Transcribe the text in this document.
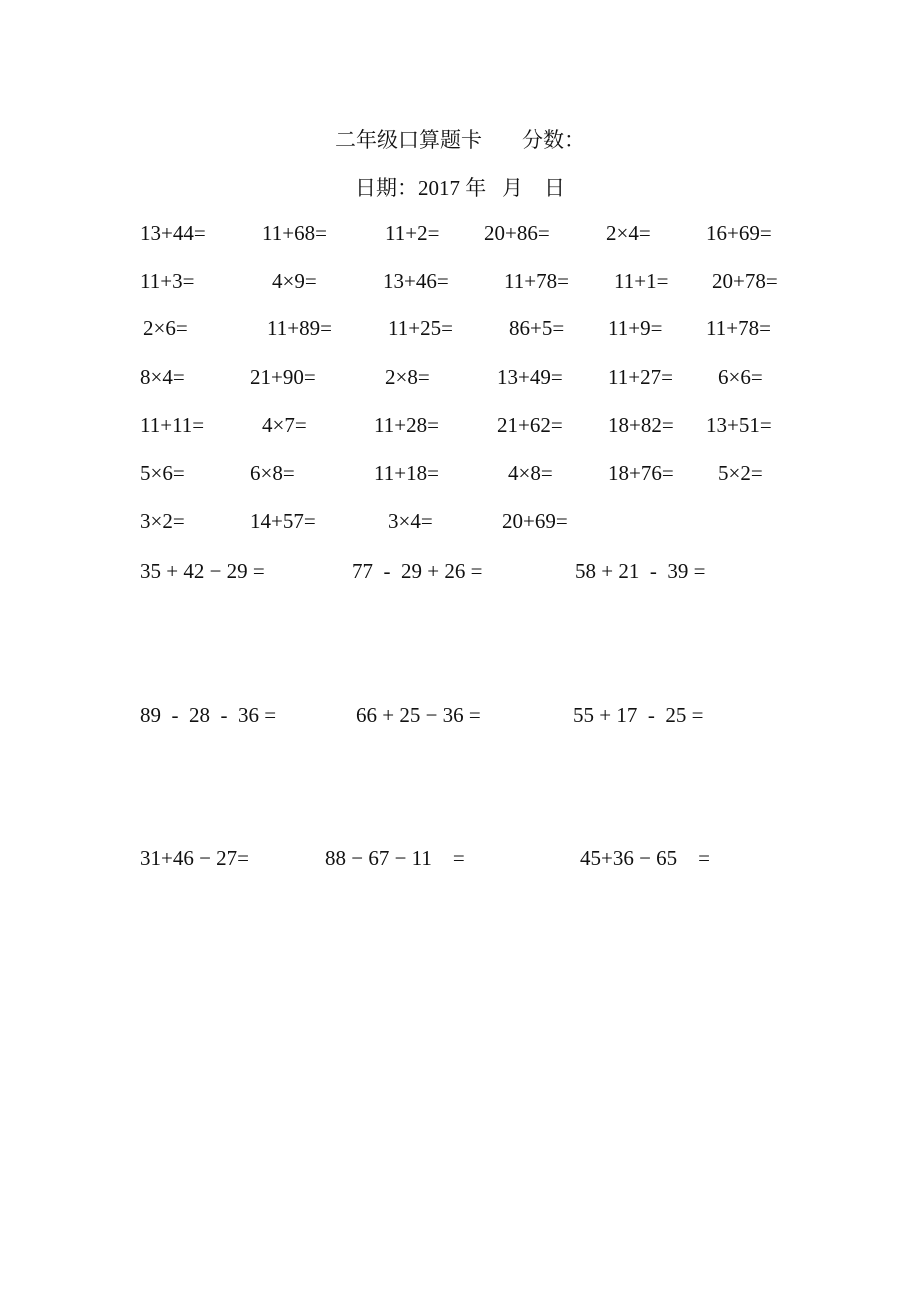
二年级口算题卡 分数：
日期：2017 年   月    日
13+44=	11+68=	11+2= 20+86=	2×4=	16+69=
11+3=	4×9=	13+46=	11+78= 11+1= 20+78=
2×6=	11+89=	11+25=	86+5= 11+9= 11+78=
8×4=	21+90=	2×8=	13+49= 11+27= 6×6=
11+11=	4×7=	11+28=	21+62= 18+82= 13+51=
5×6=	6×8=	11+18=	4×8=	18+76= 5×2=
3×2=	14+57=	3×4=	20+69=
35 + 42 − 29 =	77  -  29 + 26 =	58 + 21  -  39 =
89  -  28  -  36 =	66 + 25 − 36 =	55 + 17  -  25 =
31+46 − 27=	88 − 67 − 11    =	45+36 − 65    =
